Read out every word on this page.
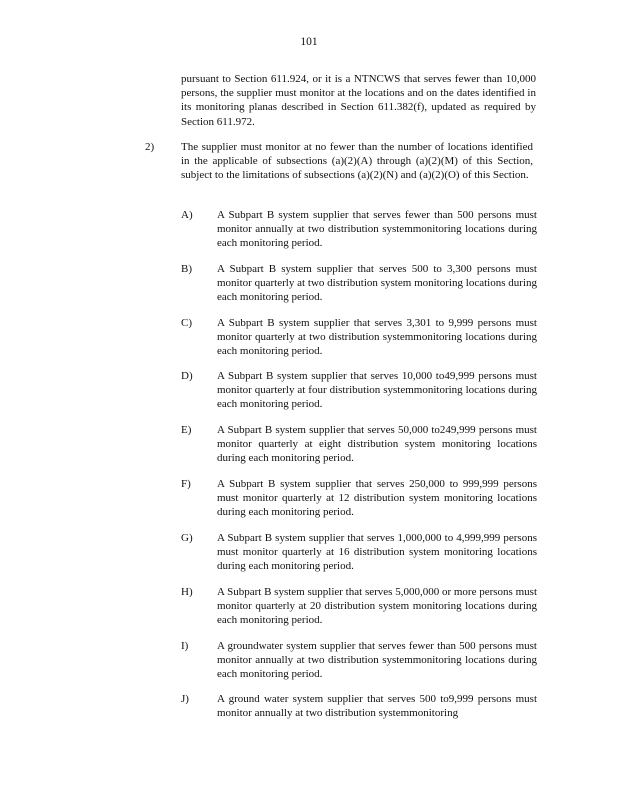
101
pursuant to Section 611.924, or it is a NTNCWS that serves fewer than 10,000 persons, the supplier must monitor at the locations and on the dates identified in its monitoring planas described in Section 611.382(f), updated as required by Section 611.972.
2) The supplier must monitor at no fewer than the number of locations identified in the applicable of subsections (a)(2)(A) through (a)(2)(M) of this Section, subject to the limitations of subsections (a)(2)(N) and (a)(2)(O) of this Section.
A) A Subpart B system supplier that serves fewer than 500 persons must monitor annually at two distribution systemmonitoring locations during each monitoring period.
B) A Subpart B system supplier that serves 500 to 3,300 persons must monitor quarterly at two distribution system monitoring locations during each monitoring period.
C) A Subpart B system supplier that serves 3,301 to 9,999 persons must monitor quarterly at two distribution systemmonitoring locations during each monitoring period.
D) A Subpart B system supplier that serves 10,000 to49,999 persons must monitor quarterly at four distribution systemmonitoring locations during each monitoring period.
E) A Subpart B system supplier that serves 50,000 to249,999 persons must monitor quarterly at eight distribution system monitoring locations during each monitoring period.
F) A Subpart B system supplier that serves 250,000 to 999,999 persons must monitor quarterly at 12 distribution system monitoring locations during each monitoring period.
G) A Subpart B system supplier that serves 1,000,000 to 4,999,999 persons must monitor quarterly at 16 distribution system monitoring locations during each monitoring period.
H) A Subpart B system supplier that serves 5,000,000 or more persons must monitor quarterly at 20 distribution system monitoring locations during each monitoring period.
I)	A groundwater system supplier that serves fewer than 500 persons must monitor annually at two distribution systemmonitoring locations during each monitoring period.
J)	A ground water system supplier that serves 500 to9,999 persons must monitor annually at two distribution systemmonitoring
